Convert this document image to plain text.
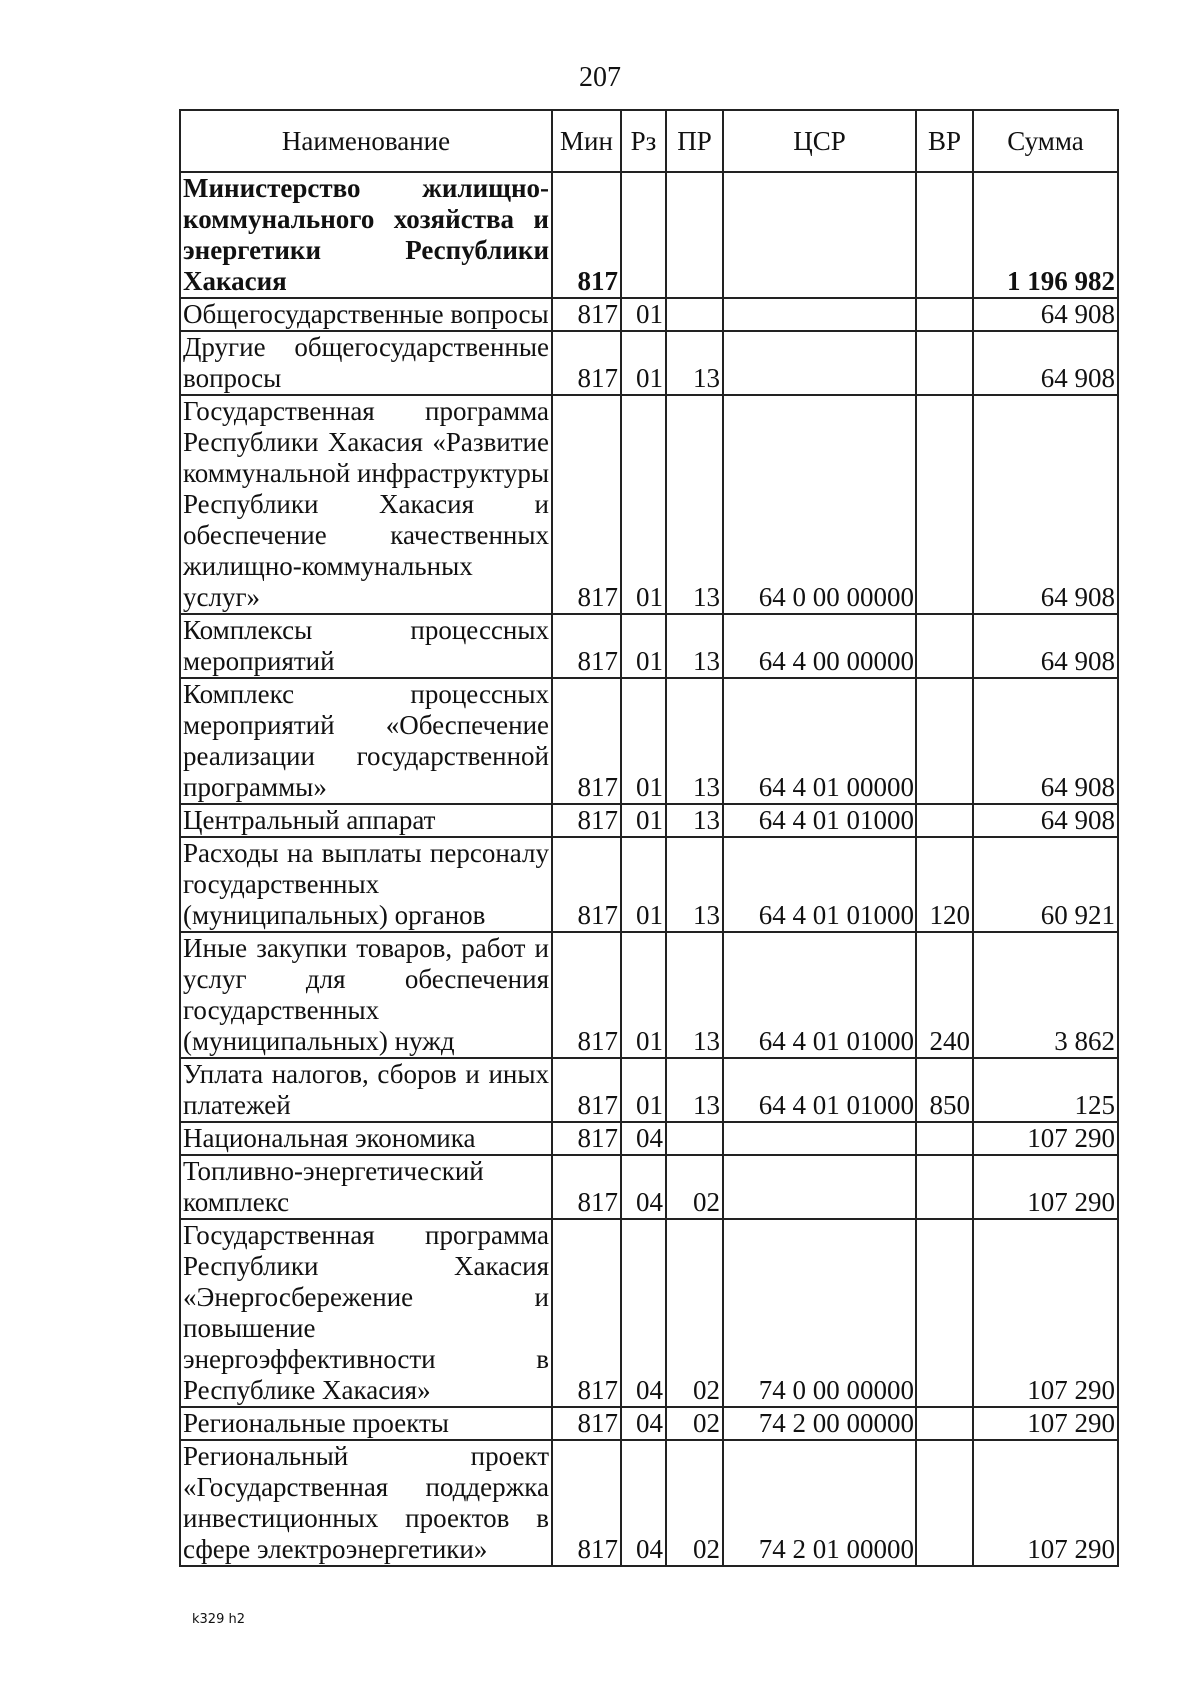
207
Наименование	Мин	Рз	ПР	ЦСР	ВР	Сумма
Министерство жилищно-коммунального хозяйства и энергетики Республики Хакасия	817					1 196 982
Общегосударственные вопросы	817	01				64 908
Другие общегосударственные вопросы	817	01	13			64 908
Государственная программа Республики Хакасия «Развитие коммунальной инфраструктуры Республики Хакасия и обеспечение качественных жилищно-коммунальных услуг»	817	01	13	64 0 00 00000		64 908
Комплексы процессных мероприятий	817	01	13	64 4 00 00000		64 908
Комплекс процессных мероприятий «Обеспечение реализации государственной программы»	817	01	13	64 4 01 00000		64 908
Центральный аппарат	817	01	13	64 4 01 01000		64 908
Расходы на выплаты персоналу государственных (муниципальных) органов	817	01	13	64 4 01 01000	120	60 921
Иные закупки товаров, работ и услуг для обеспечения государственных (муниципальных) нужд	817	01	13	64 4 01 01000	240	3 862
Уплата налогов, сборов и иных платежей	817	01	13	64 4 01 01000	850	125
Национальная экономика	817	04				107 290
Топливно-энергетический комплекс	817	04	02			107 290
Государственная программа Республики Хакасия «Энергосбережение и повышение энергоэффективности в Республике Хакасия»	817	04	02	74 0 00 00000		107 290
Региональные проекты	817	04	02	74 2 00 00000		107 290
Региональный проект «Государственная поддержка инвестиционных проектов в сфере электроэнергетики»	817	04	02	74 2 01 00000		107 290
k329 h2
